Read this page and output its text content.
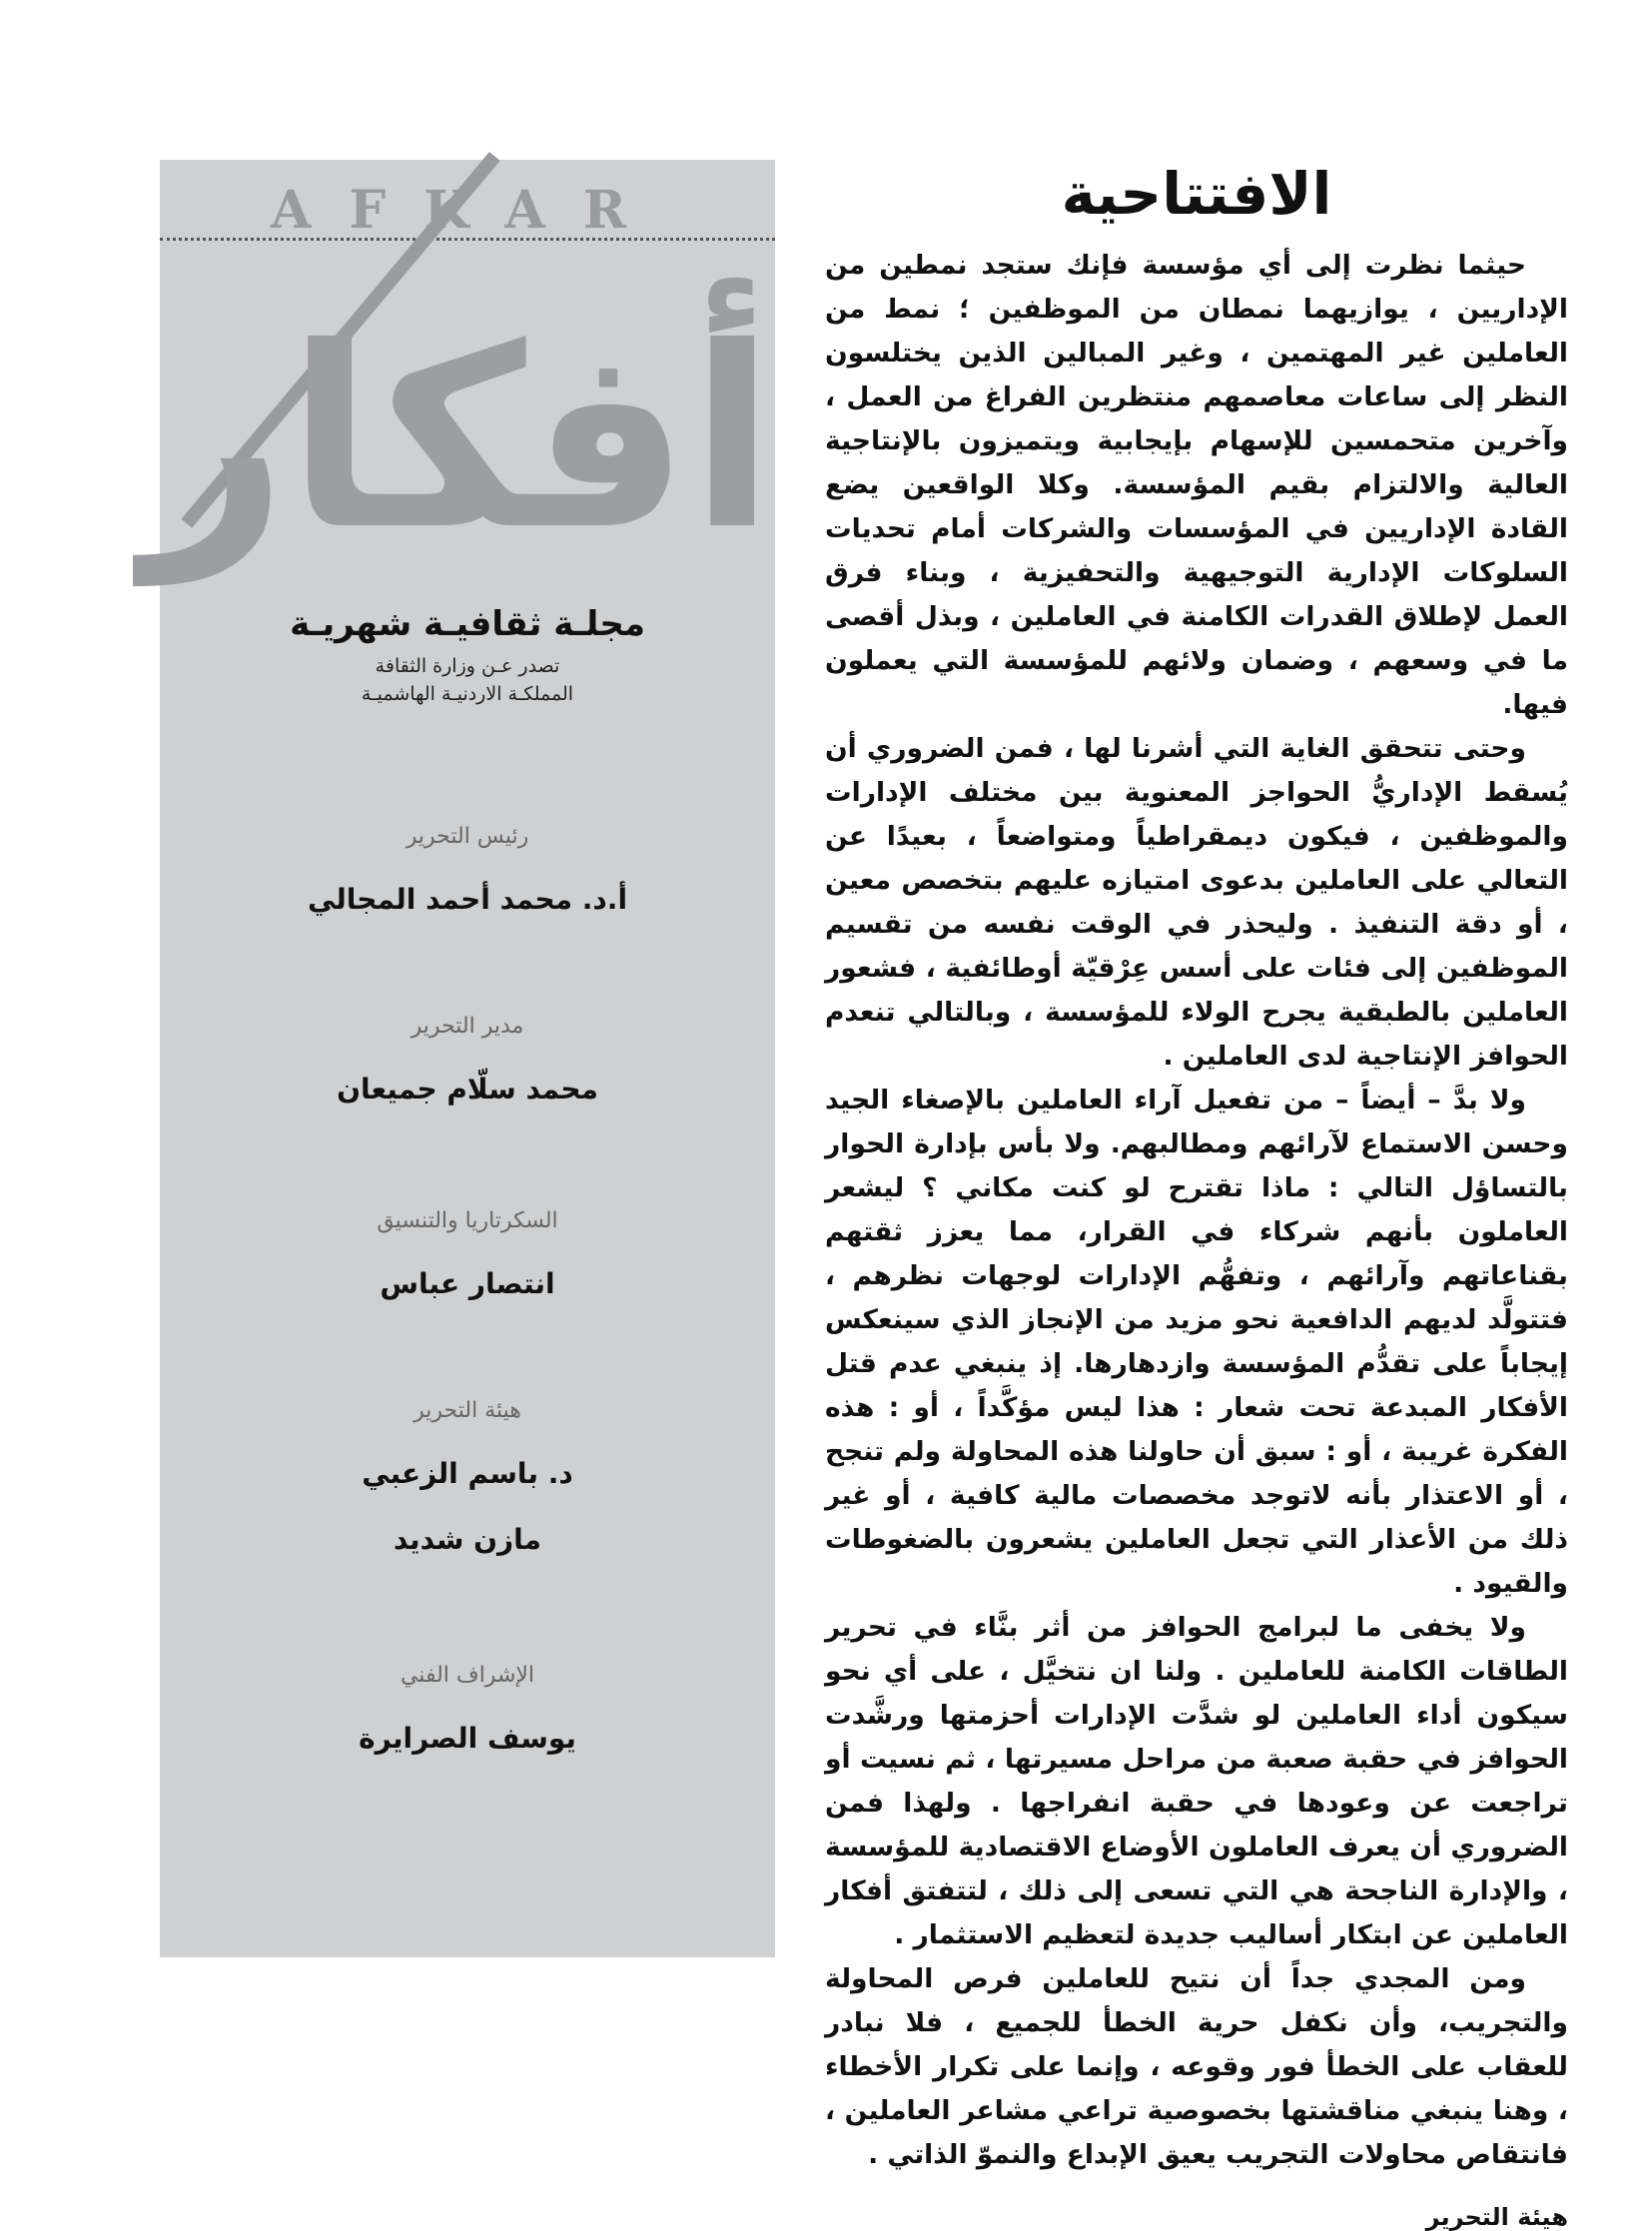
AFKAR
أفكار
مجلـة ثقافيـة شهريـة
تصدر عـن وزارة الثقافة
المملكـة الاردنيـة الهاشميـة
رئيس التحرير
أ.د. محمد أحمد المجالي
مدير التحرير
محمد سلّام جميعان
السكرتاريا والتنسيق
انتصار عباس
هيئة التحرير
د. باسم الزعبي
مازن شديد
الإشراف الفني
يوسف الصرايرة
الافتتاحية

حيثما نظرت إلى أي مؤسسة فإنك ستجد نمطين من الإداريين ، يوازيهما نمطان من الموظفين ؛ نمط من العاملين غير المهتمين ، وغير المبالين الذين يختلسون النظر إلى ساعات معاصمهم منتظرين الفراغ من العمل ، وآخرين متحمسين للإسهام بإيجابية ويتميزون بالإنتاجية العالية والالتزام بقيم المؤسسة. وكلا الواقعين يضع القادة الإداريين في المؤسسات والشركات أمام تحديات السلوكات الإدارية التوجيهية والتحفيزية ، وبناء فرق العمل لإطلاق القدرات الكامنة في العاملين ، وبذل أقصى ما في وسعهم ، وضمان ولائهم للمؤسسة التي يعملون فيها.

وحتى تتحقق الغاية التي أشرنا لها ، فمن الضروري أن يُسقط الإداريُّ الحواجز المعنوية بين مختلف الإدارات والموظفين ، فيكون ديمقراطياً ومتواضعاً ، بعيدًا عن التعالي على العاملين بدعوى امتيازه عليهم بتخصص معين ، أو دقة التنفيذ . وليحذر في الوقت نفسه من تقسيم الموظفين إلى فئات على أسس عِرْقيّة أوطائفية ، فشعور العاملين بالطبقية يجرح الولاء للمؤسسة ، وبالتالي تنعدم الحوافز الإنتاجية لدى العاملين .

ولا بدَّ – أيضاً – من تفعيل آراء العاملين بالإصغاء الجيد وحسن الاستماع لآرائهم ومطالبهم. ولا بأس بإدارة الحوار بالتساؤل التالي : ماذا تقترح لو كنت مكاني ؟ ليشعر العاملون بأنهم شركاء في القرار، مما يعزز ثقتهم بقناعاتهم وآرائهم ، وتفهُّم الإدارات لوجهات نظرهم ، فتتولَّد لديهم الدافعية نحو مزيد من الإنجاز الذي سينعكس إيجاباً على تقدُّم المؤسسة وازدهارها. إذ ينبغي عدم قتل الأفكار المبدعة تحت شعار : هذا ليس مؤكَّداً ، أو : هذه الفكرة غريبة ، أو : سبق أن حاولنا هذه المحاولة ولم تنجح ، أو الاعتذار بأنه لاتوجد مخصصات مالية كافية ، أو غير ذلك من الأعذار التي تجعل العاملين يشعرون بالضغوطات والقيود .

ولا يخفى ما لبرامج الحوافز من أثر بنَّاء في تحرير الطاقات الكامنة للعاملين . ولنا ان نتخيَّل ، على أي نحو سيكون أداء العاملين لو شدَّت الإدارات أحزمتها ورشَّدت الحوافز في حقبة صعبة من مراحل مسيرتها ، ثم نسيت أو تراجعت عن وعودها في حقبة انفراجها . ولهذا فمن الضروري أن يعرف العاملون الأوضاع الاقتصادية للمؤسسة ، والإدارة الناجحة هي التي تسعى إلى ذلك ، لتتفتق أفكار العاملين عن ابتكار أساليب جديدة لتعظيم الاستثمار .

ومن المجدي جداً أن نتيح للعاملين فرص المحاولة والتجريب، وأن نكفل حرية الخطأ للجميع ، فلا نبادر للعقاب على الخطأ فور وقوعه ، وإنما على تكرار الأخطاء ، وهنا ينبغي مناقشتها بخصوصية تراعي مشاعر العاملين ، فانتقاص محاولات التجريب يعيق الإبداع والنموّ الذاتي .

هيئة التحرير
